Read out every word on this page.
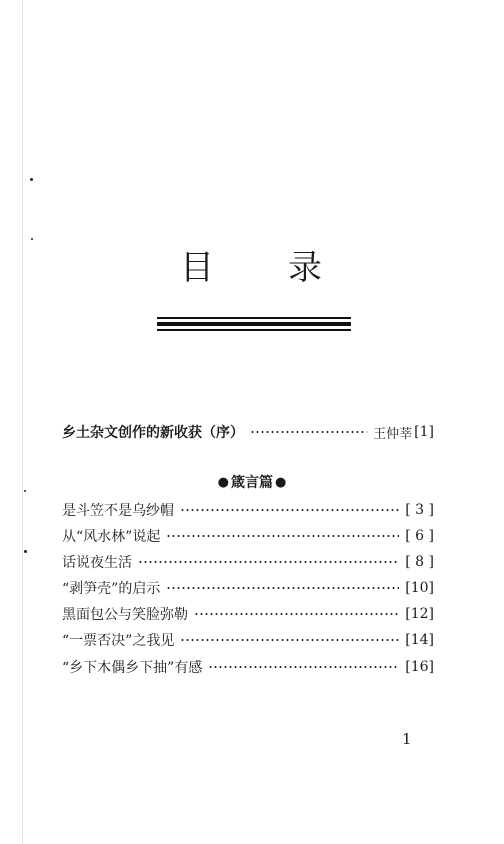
目 录
乡土杂文创作的新收获（序）	王仲莘 [1]
● 箴言篇 ●
是斗笠不是乌纱帽	[ 3 ]
从“风水林”说起	[ 6 ]
话说夜生活	[ 8 ]
“剥笋壳”的启示	[10]
黑面包公与笑脸弥勒	[12]
“一票否决”之我见	[14]
“乡下木偶乡下抽”有感	[16]
1
